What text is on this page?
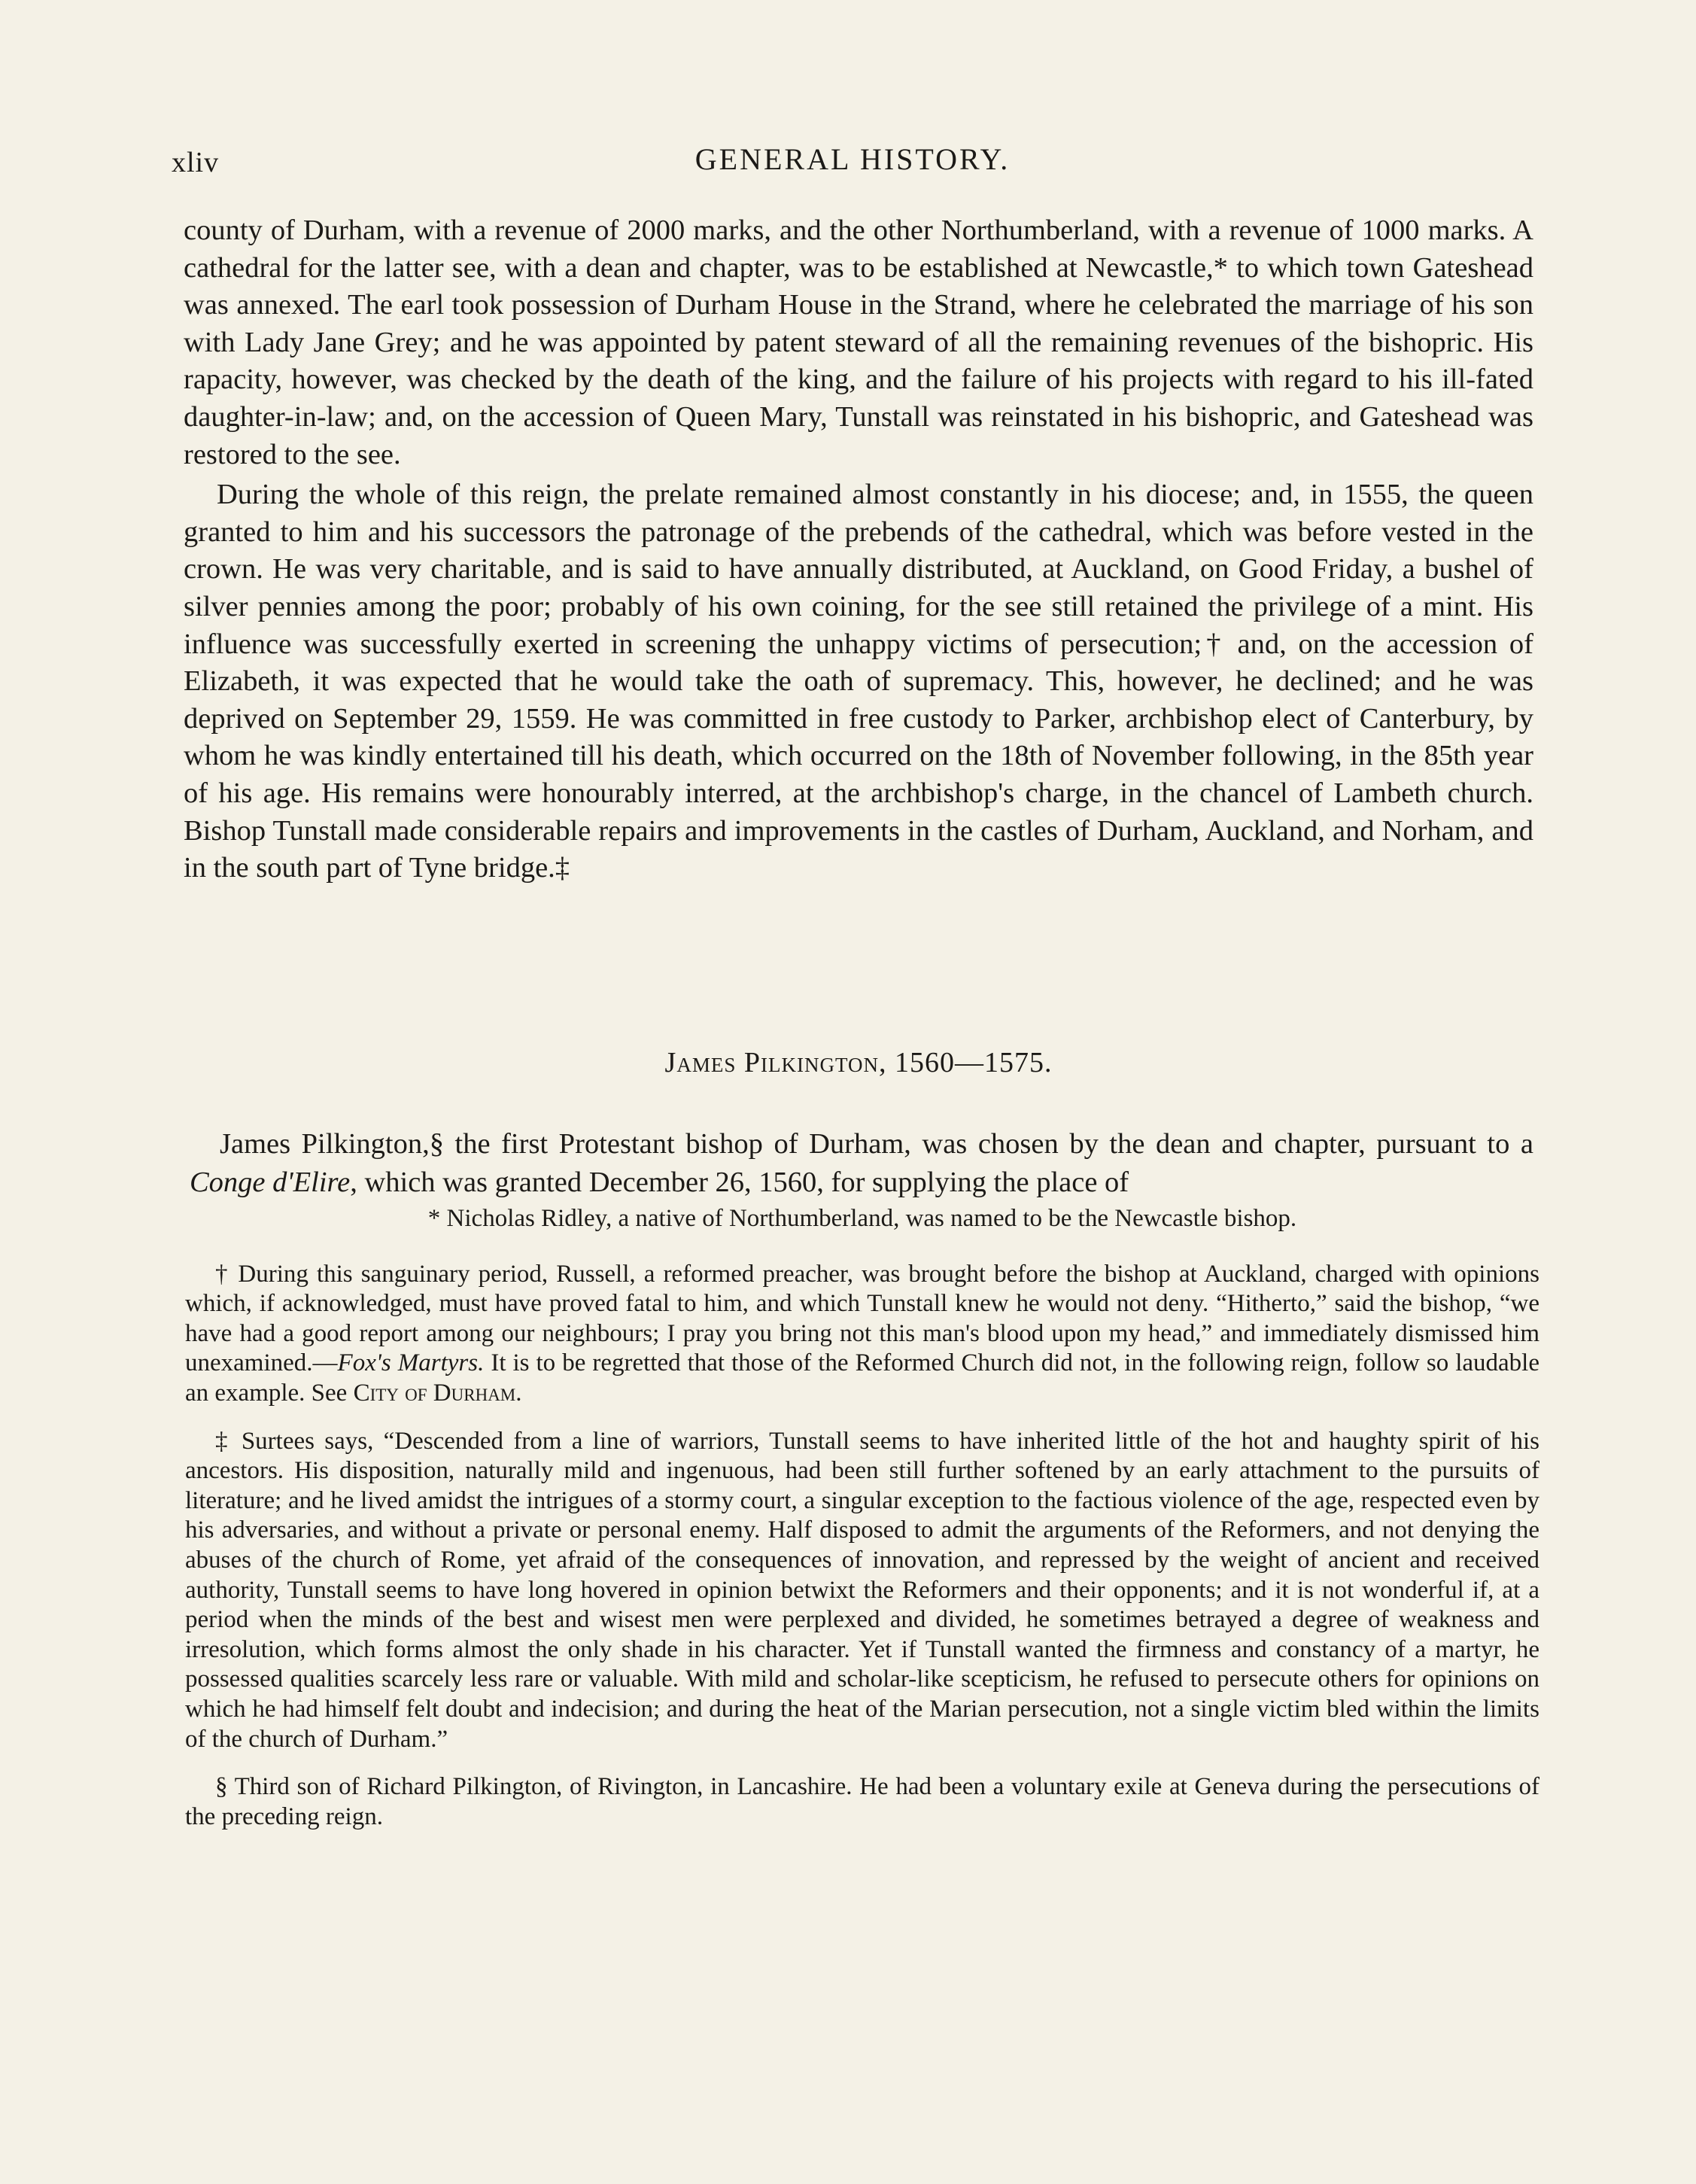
xliv	GENERAL HISTORY.

county of Durham, with a revenue of 2000 marks, and the other Northumberland, with a revenue of 1000 marks. A cathedral for the latter see, with a dean and chapter, was to be established at Newcastle,* to which town Gateshead was annexed. The earl took possession of Durham House in the Strand, where he celebrated the marriage of his son with Lady Jane Grey; and he was appointed by patent steward of all the remaining revenues of the bishopric. His rapacity, however, was checked by the death of the king, and the failure of his projects with regard to his ill-fated daughter-in-law; and, on the accession of Queen Mary, Tunstall was reinstated in his bishopric, and Gateshead was restored to the see.

During the whole of this reign, the prelate remained almost constantly in his diocese; and, in 1555, the queen granted to him and his successors the patronage of the prebends of the cathedral, which was before vested in the crown. He was very charitable, and is said to have annually distributed, at Auckland, on Good Friday, a bushel of silver pennies among the poor; probably of his own coining, for the see still retained the privilege of a mint. His influence was successfully exerted in screening the unhappy victims of persecution;† and, on the accession of Elizabeth, it was expected that he would take the oath of supremacy. This, however, he declined; and he was deprived on September 29, 1559. He was committed in free custody to Parker, archbishop elect of Canterbury, by whom he was kindly entertained till his death, which occurred on the 18th of November following, in the 85th year of his age. His remains were honourably interred, at the archbishop's charge, in the chancel of Lambeth church. Bishop Tunstall made considerable repairs and improvements in the castles of Durham, Auckland, and Norham, and in the south part of Tyne bridge.‡

James Pilkington, 1560—1575.

James Pilkington,§ the first Protestant bishop of Durham, was chosen by the dean and chapter, pursuant to a Conge d'Elire, which was granted December 26, 1560, for supplying the place of

* Nicholas Ridley, a native of Northumberland, was named to be the Newcastle bishop.

† During this sanguinary period, Russell, a reformed preacher, was brought before the bishop at Auckland, charged with opinions which, if acknowledged, must have proved fatal to him, and which Tunstall knew he would not deny. “Hitherto,” said the bishop, “we have had a good report among our neighbours; I pray you bring not this man's blood upon my head,” and immediately dismissed him unexamined.—Fox's Martyrs. It is to be regretted that those of the Reformed Church did not, in the following reign, follow so laudable an example. See City of Durham.

‡ Surtees says, “Descended from a line of warriors, Tunstall seems to have inherited little of the hot and haughty spirit of his ancestors. His disposition, naturally mild and ingenuous, had been still further softened by an early attachment to the pursuits of literature; and he lived amidst the intrigues of a stormy court, a singular exception to the factious violence of the age, respected even by his adversaries, and without a private or personal enemy. Half disposed to admit the arguments of the Reformers, and not denying the abuses of the church of Rome, yet afraid of the consequences of innovation, and repressed by the weight of ancient and received authority, Tunstall seems to have long hovered in opinion betwixt the Reformers and their opponents; and it is not wonderful if, at a period when the minds of the best and wisest men were perplexed and divided, he sometimes betrayed a degree of weakness and irresolution, which forms almost the only shade in his character. Yet if Tunstall wanted the firmness and constancy of a martyr, he possessed qualities scarcely less rare or valuable. With mild and scholar-like scepticism, he refused to persecute others for opinions on which he had himself felt doubt and indecision; and during the heat of the Marian persecution, not a single victim bled within the limits of the church of Durham.”

§ Third son of Richard Pilkington, of Rivington, in Lancashire. He had been a voluntary exile at Geneva during the persecutions of the preceding reign.
